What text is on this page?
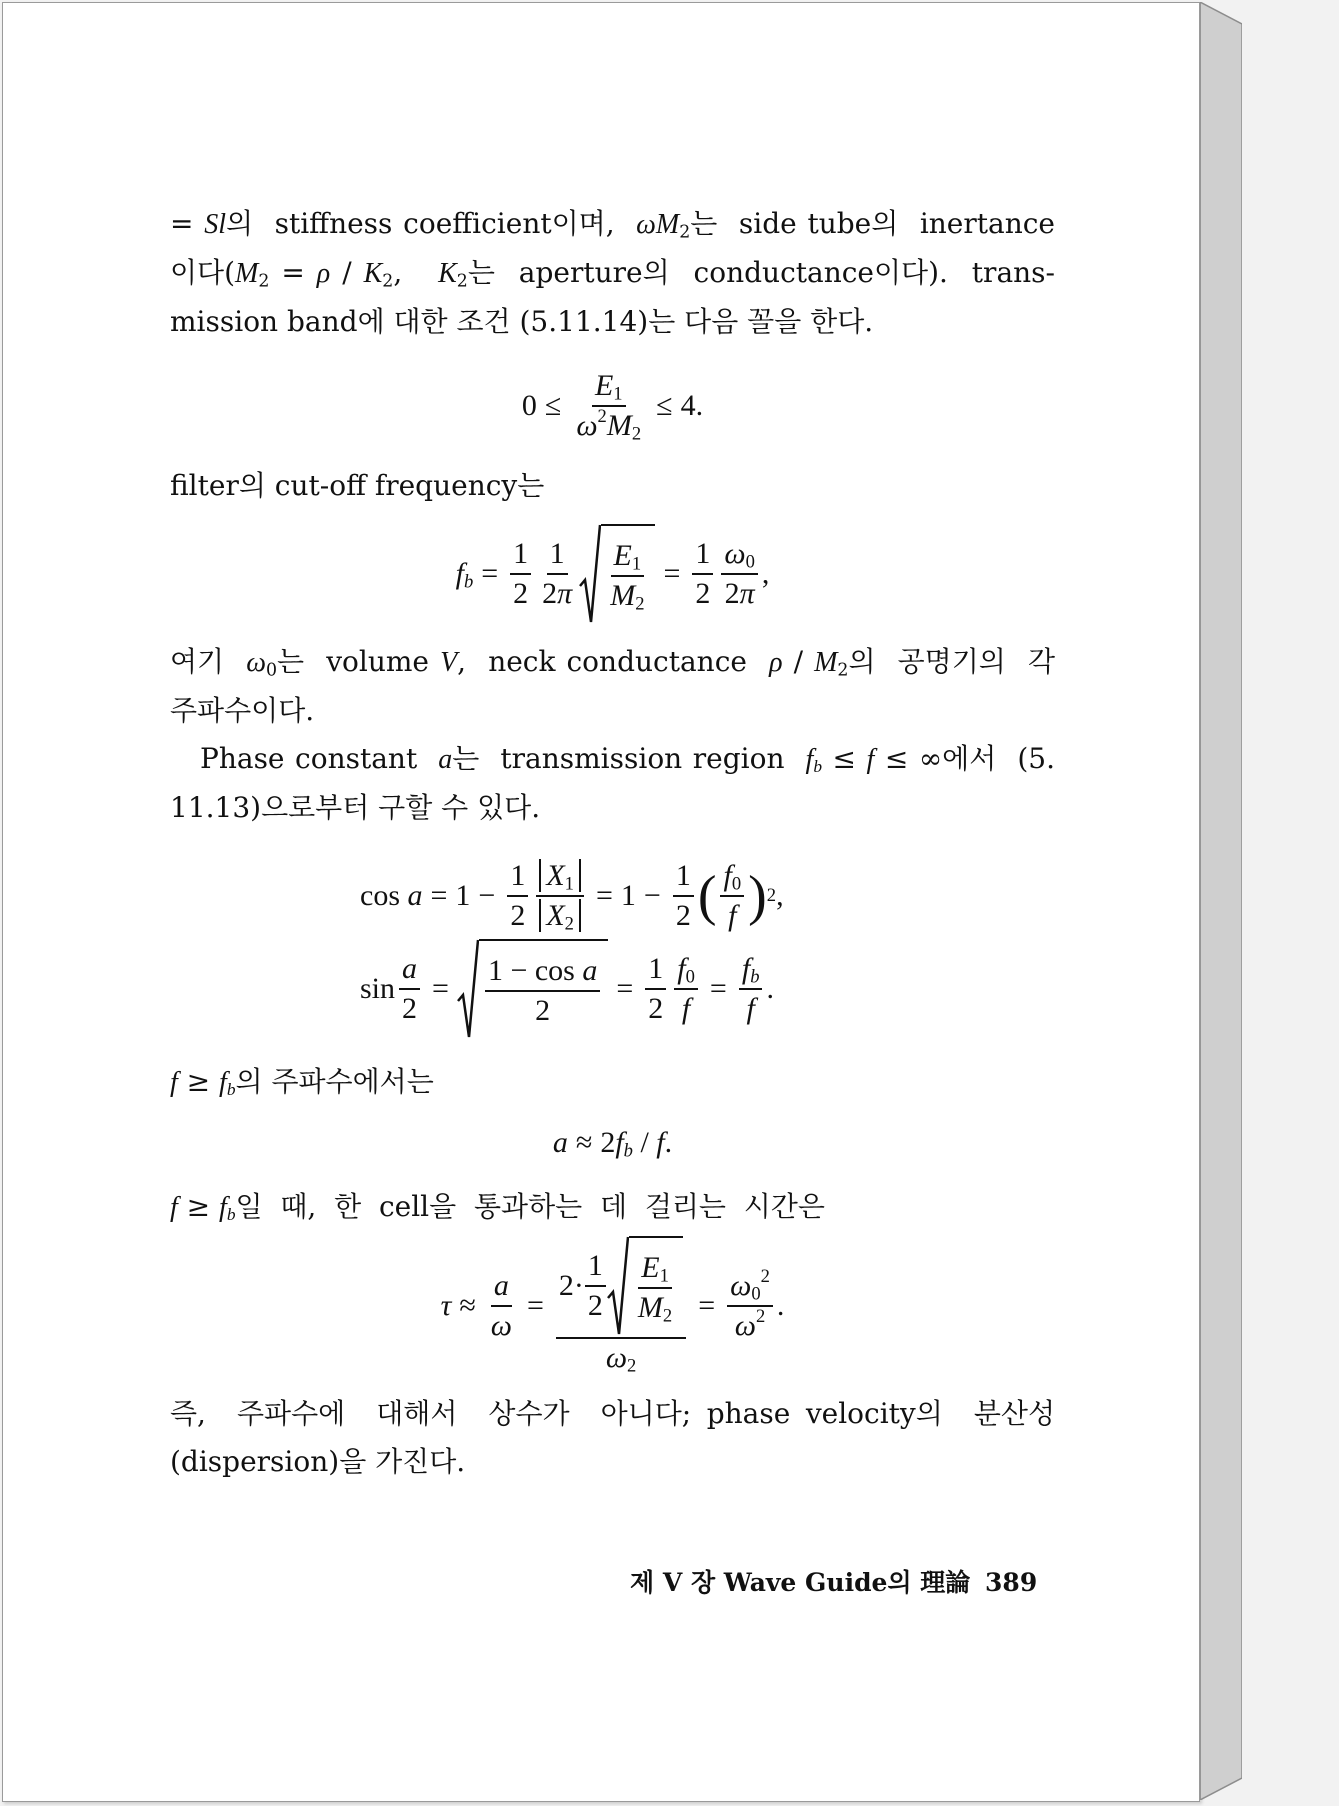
= Sl의  stiffness coefficient이며,  $\omega M_2$는  side tube의  inertance 이다($M_2 = \rho / K_2$,   $K_2$는  aperture의  conductance이다).  trans- mission band에 대한 조건 (5.11.14)는 다음 꼴을 한다.

$0 \le \frac{E_1}{\omega^2M_2} \le 4$.

filter의 cut-off frequency는

$f_b = \frac{1}{2} \frac{1}{2\pi} \frac{E_1}{M_2} = \frac{1}{2} \frac{\omega_0}{2\pi}$ ,

여기  $\omega_0$는  volume V,  neck conductance  ρ / $M_2$의  공명기의  각 주파수이다.

Phase constant  a는  transmission region  $f_b \le f$ ≤ ∞에서  (5. 11.13)으로부터 구할 수 있다.

cos
$a = 1 - \frac{1}{2} \frac{X_1}{X_2} = 1 - \frac{1}{2}$ ( $\frac{f_0}{f}$ ) 2 ,
$\sin \frac{a}{2} = \frac{\text{1 − cos a}}{2} = \frac{1}{2} \frac{f_0}{f} = \frac{f_b}{f}$ .

$f \ge f_b$의 주파수에서는

$a \approx 2f_b / f$.

$f \ge f_b$일  때,  한  cell을  통과하는  데  걸리는  시간은

$\tau \approx \frac{a}{\omega} = \frac{2\cdot \frac{1}{2} \frac{E_1}{M_2}}{\omega_2} = \frac{\omega_0^2}{\omega^2}$ .

즉,  주파수에  대해서  상수가  아니다; phase velocity의  분산성 (dispersion)을 가진다.

제 V 장 Wave Guide의 理論 389
